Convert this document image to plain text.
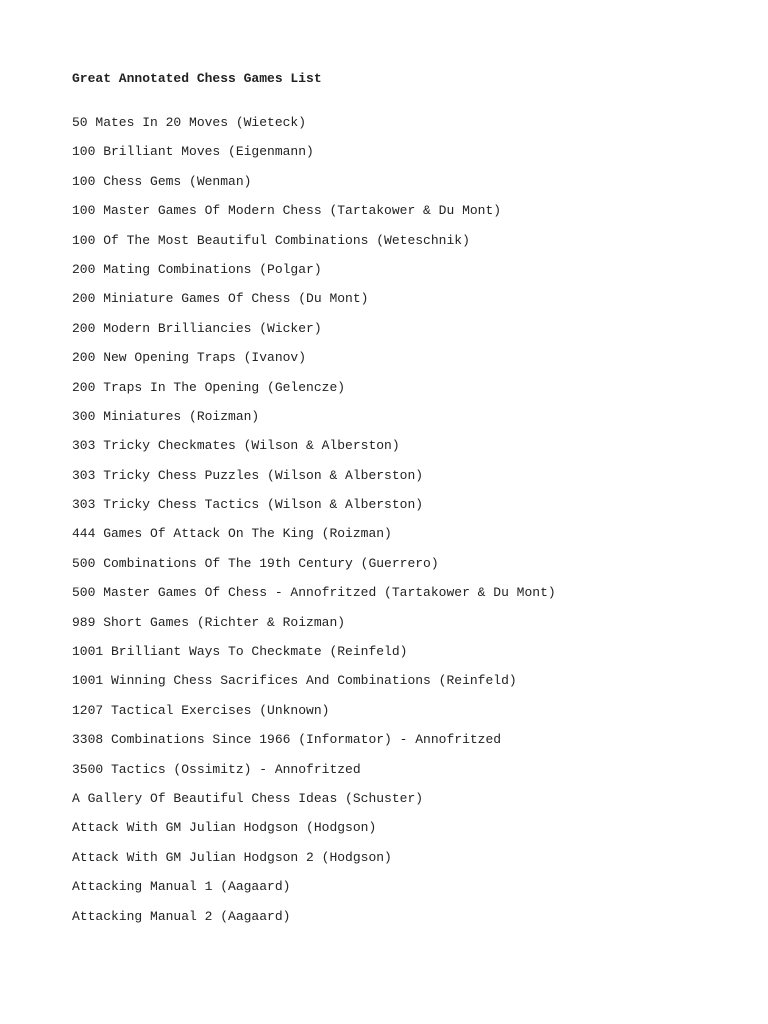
Great Annotated Chess Games List
50 Mates In 20 Moves (Wieteck)
100 Brilliant Moves (Eigenmann)
100 Chess Gems (Wenman)
100 Master Games Of Modern Chess (Tartakower & Du Mont)
100 Of The Most Beautiful Combinations (Weteschnik)
200 Mating Combinations (Polgar)
200 Miniature Games Of Chess (Du Mont)
200 Modern Brilliancies (Wicker)
200 New Opening Traps (Ivanov)
200 Traps In The Opening (Gelencze)
300 Miniatures (Roizman)
303 Tricky Checkmates (Wilson & Alberston)
303 Tricky Chess Puzzles (Wilson & Alberston)
303 Tricky Chess Tactics (Wilson & Alberston)
444 Games Of Attack On The King (Roizman)
500 Combinations Of The 19th Century (Guerrero)
500 Master Games Of Chess - Annofritzed (Tartakower & Du Mont)
989 Short Games (Richter & Roizman)
1001 Brilliant Ways To Checkmate (Reinfeld)
1001 Winning Chess Sacrifices And Combinations (Reinfeld)
1207 Tactical Exercises (Unknown)
3308 Combinations Since 1966 (Informator) - Annofritzed
3500 Tactics (Ossimitz) - Annofritzed
A Gallery Of Beautiful Chess Ideas (Schuster)
Attack With GM Julian Hodgson (Hodgson)
Attack With GM Julian Hodgson 2 (Hodgson)
Attacking Manual 1 (Aagaard)
Attacking Manual 2 (Aagaard)
